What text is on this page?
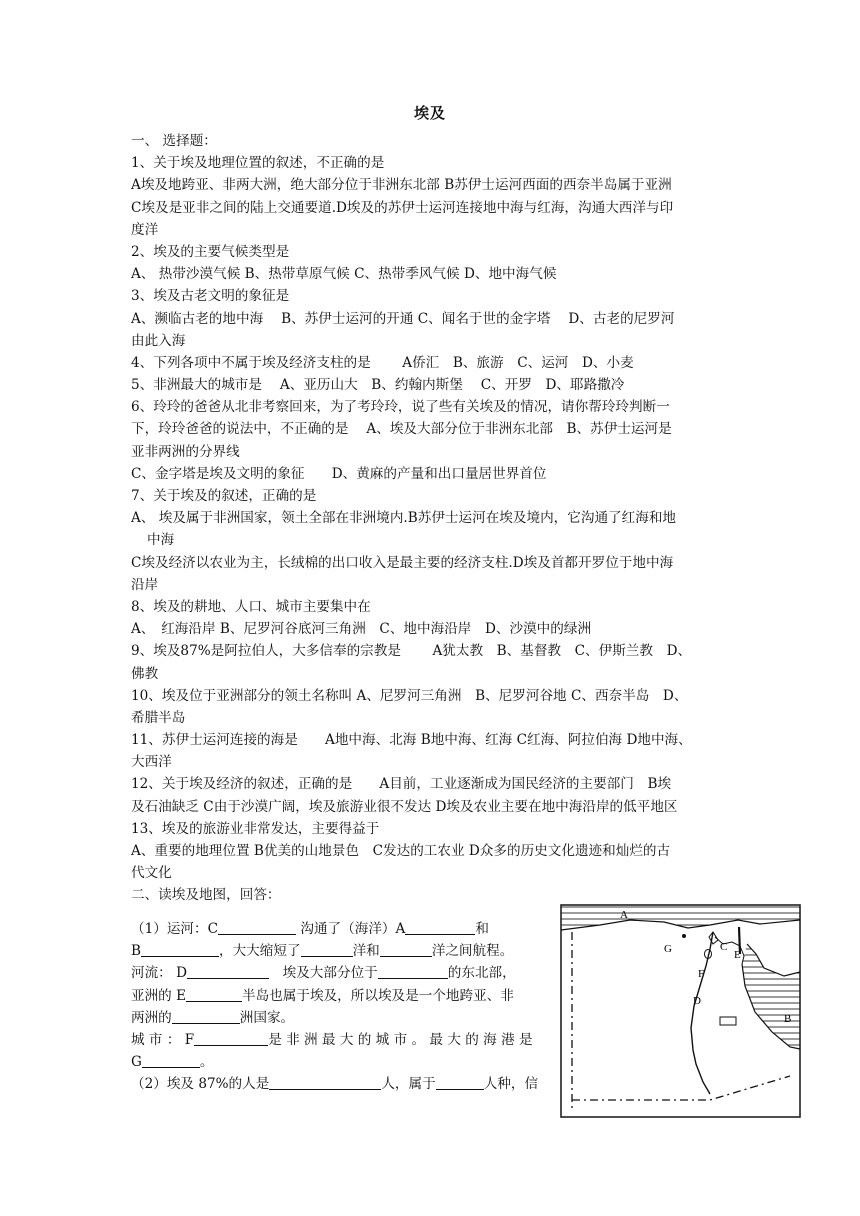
埃及
一、 选择题：
1、关于埃及地理位置的叙述，不正确的是
A埃及地跨亚、非两大洲，绝大部分位于非洲东北部 B苏伊士运河西面的西奈半岛属于亚洲
C埃及是亚非之间的陆上交通要道.D埃及的苏伊士运河连接地中海与红海，沟通大西洋与印
度洋
2、埃及的主要气候类型是
A、 热带沙漠气候 B、热带草原气候 C、热带季风气候 D、地中海气候
3、埃及古老文明的象征是
A、濒临古老的地中海　 B、苏伊士运河的开通 C、闻名于世的金字塔　 D、古老的尼罗河
由此入海
4、下列各项中不属于埃及经济支柱的是　　 A侨汇　B、旅游　C、运河　D、小麦
5、非洲最大的城市是　 A、亚历山大　B、约翰内斯堡　 C、开罗　D、耶路撒冷
6、玲玲的爸爸从北非考察回来，为了考玲玲，说了些有关埃及的情况，请你帮玲玲判断一
下，玲玲爸爸的说法中，不正确的是　 A、埃及大部分位于非洲东北部　B、苏伊士运河是
亚非两洲的分界线
C、金字塔是埃及文明的象征　　D、黄麻的产量和出口量居世界首位
7、关于埃及的叙述，正确的是
A、 埃及属于非洲国家，领土全部在非洲境内.B苏伊士运河在埃及境内，它沟通了红海和地
中海
C埃及经济以农业为主，长绒棉的出口收入是最主要的经济支柱.D埃及首都开罗位于地中海
沿岸
8、埃及的耕地、人口、城市主要集中在
A、　红海沿岸 B、尼罗河谷底河三角洲　C、地中海沿岸　D、沙漠中的绿洲
9、埃及87%是阿拉伯人，大多信奉的宗教是　　 A犹太教　B、基督教　C、伊斯兰教　D、
佛教
10、埃及位于亚洲部分的领土名称叫 A、尼罗河三角洲　B、尼罗河谷地 C、西奈半岛　D、
希腊半岛
11、苏伊士运河连接的海是　　A地中海、北海 B地中海、红海 C红海、阿拉伯海 D地中海、
大西洋
12、关于埃及经济的叙述，正确的是　　A目前，工业逐渐成为国民经济的主要部门　B埃
及石油缺乏 C由于沙漠广阔，埃及旅游业很不发达 D埃及农业主要在地中海沿岸的低平地区
13、埃及的旅游业非常发达，主要得益于
A、重要的地理位置 B优美的山地景色　C发达的工农业 D众多的历史文化遗迹和灿烂的古
代文化
二、读埃及地图，回答：
（1）运河：C	沟通了（海洋）A	和
B	，大大缩短了	洋和	洋之间航程。
河流： D	　埃及大部分位于	的东北部，
亚洲的 E	半岛也属于埃及，所以埃及是一个地跨亚、非
两洲的	洲国家。
城 市 ： F	是 非 洲 最 大 的 城 市 。 最 大 的 海 港 是
G	。
（2）埃及 87%的人是	人，属于	人种，信
A
B
C
D
E
F
G
